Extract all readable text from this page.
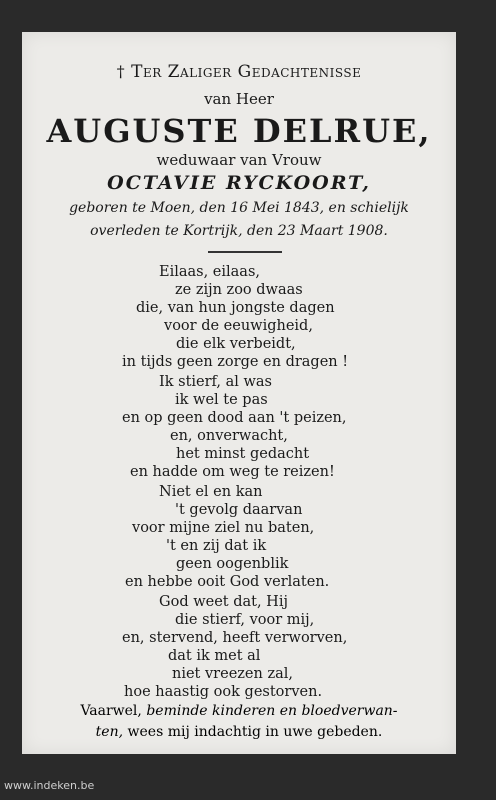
† Ter Zaliger Gedachtenisse
van Heer
AUGUSTE DELRUE,
weduwaar van Vrouw
OCTAVIE RYCKOORT,
geboren te Moen, den 16 Mei 1843, en schielijk
overleden te Kortrijk, den 23 Maart 1908.
Eilaas, eilaas,
ze zijn zoo dwaas
die, van hun jongste dagen
voor de eeuwigheid,
die elk verbeidt,
in tijds geen zorge en dragen !
Ik stierf, al was
ik wel te pas
en op geen dood aan 't peizen,
en, onverwacht,
het minst gedacht
en hadde om weg te reizen!
Niet el en kan
't gevolg daarvan
voor mijne ziel nu baten,
't en zij dat ik
geen oogenblik
en hebbe ooit God verlaten.
God weet dat, Hij
die stierf, voor mij,
en, stervend, heeft verworven,
dat ik met al
niet vreezen zal,
hoe haastig ook gestorven.
Vaarwel, beminde kinderen en bloedverwan-
ten, wees mij indachtig in uwe gebeden.
www.indeken.be
